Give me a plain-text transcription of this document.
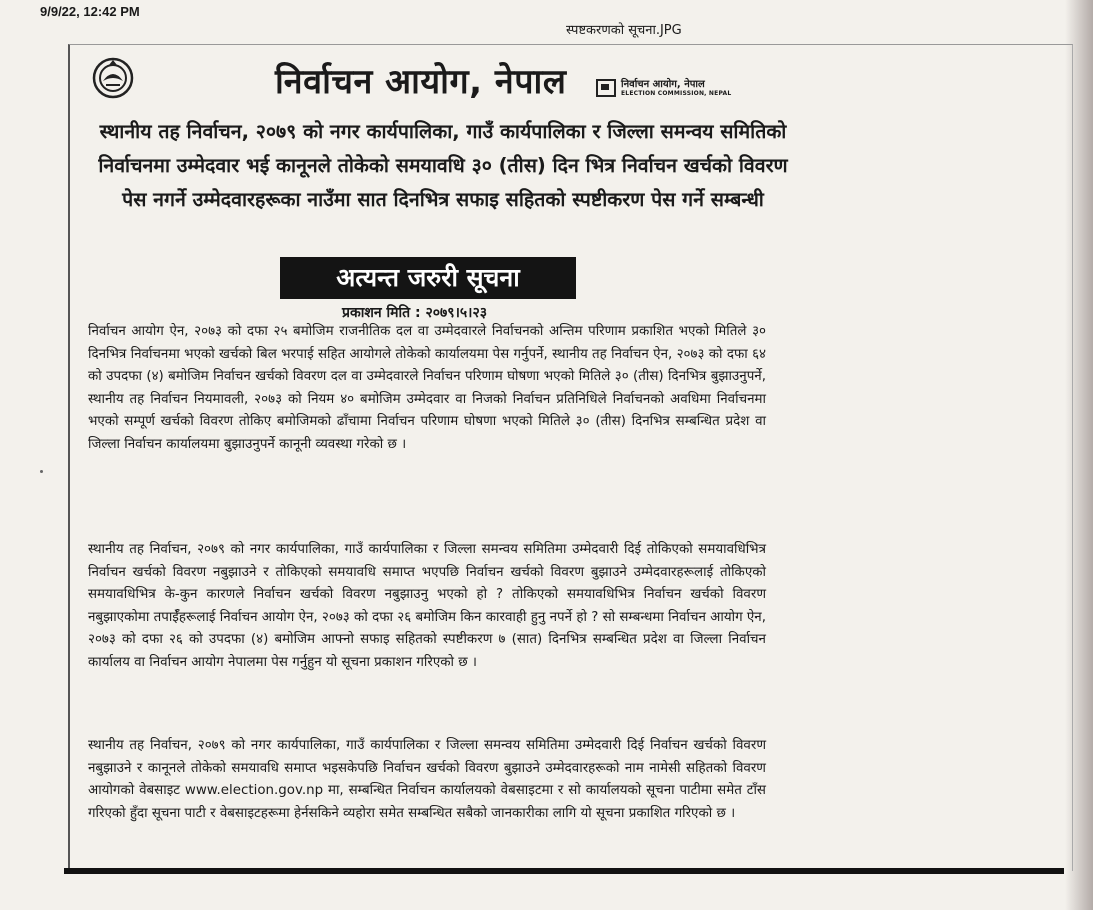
9/9/22, 12:42 PM
स्पष्टकरणको सूचना.JPG
निर्वाचन आयोग, नेपाल	निर्वाचन आयोग, नेपाल
ELECTION COMMISSION, NEPAL
स्थानीय तह निर्वाचन, २०७९ को नगर कार्यपालिका, गाउँ कार्यपालिका र जिल्ला समन्वय समितिको निर्वाचनमा उम्मेदवार भई कानूनले तोकेको समयावधि ३० (तीस) दिन भित्र निर्वाचन खर्चको विवरण पेस नगर्ने उम्मेदवारहरूका नाउँमा सात दिनभित्र सफाइ सहितको स्पष्टीकरण पेस गर्ने सम्बन्धी
अत्यन्त जरुरी सूचना
प्रकाशन मिति : २०७९।५।२३
निर्वाचन आयोग ऐन, २०७३ को दफा २५ बमोजिम राजनीतिक दल वा उम्मेदवारले निर्वाचनको अन्तिम परिणाम प्रकाशित भएको मितिले ३० दिनभित्र निर्वाचनमा भएको खर्चको बिल भरपाई सहित आयोगले तोकेको कार्यालयमा पेस गर्नुपर्ने, स्थानीय तह निर्वाचन ऐन, २०७३ को दफा ६४ को उपदफा (४) बमोजिम निर्वाचन खर्चको विवरण दल वा उम्मेदवारले निर्वाचन परिणाम घोषणा भएको मितिले ३० (तीस) दिनभित्र बुझाउनुपर्ने, स्थानीय तह निर्वाचन नियमावली, २०७३ को नियम ४० बमोजिम उम्मेदवार वा निजको निर्वाचन प्रतिनिधिले निर्वाचनको अवधिमा निर्वाचनमा भएको सम्पूर्ण खर्चको विवरण तोकिए बमोजिमको ढाँचामा निर्वाचन परिणाम घोषणा भएको मितिले ३० (तीस) दिनभित्र सम्बन्धित प्रदेश वा जिल्ला निर्वाचन कार्यालयमा बुझाउनुपर्ने कानूनी व्यवस्था गरेको छ ।
स्थानीय तह निर्वाचन, २०७९ को नगर कार्यपालिका, गाउँ कार्यपालिका र जिल्ला समन्वय समितिमा उम्मेदवारी दिई तोकिएको समयावधिभित्र निर्वाचन खर्चको विवरण नबुझाउने र तोकिएको समयावधि समाप्त भएपछि निर्वाचन खर्चको विवरण बुझाउने उम्मेदवारहरूलाई तोकिएको समयावधिभित्र के-कुन कारणले निर्वाचन खर्चको विवरण नबुझाउनु भएको हो ? तोकिएको समयावधिभित्र निर्वाचन खर्चको विवरण नबुझाएकोमा तपाईँहरूलाई निर्वाचन आयोग ऐन, २०७३ को दफा २६ बमोजिम किन कारवाही हुनु नपर्ने हो ? सो सम्बन्धमा निर्वाचन आयोग ऐन, २०७३ को दफा २६ को उपदफा (४) बमोजिम आफ्नो सफाइ सहितको स्पष्टीकरण ७ (सात) दिनभित्र सम्बन्धित प्रदेश वा जिल्ला निर्वाचन कार्यालय वा निर्वाचन आयोग नेपालमा पेस गर्नुहुन यो सूचना प्रकाशन गरिएको छ ।
स्थानीय तह निर्वाचन, २०७९ को नगर कार्यपालिका, गाउँ कार्यपालिका र जिल्ला समन्वय समितिमा उम्मेदवारी दिई निर्वाचन खर्चको विवरण नबुझाउने र कानूनले तोकेको समयावधि समाप्त भइसकेपछि निर्वाचन खर्चको विवरण बुझाउने उम्मेदवारहरूको नाम नामेसी सहितको विवरण आयोगको वेबसाइट www.election.gov.np मा, सम्बन्धित निर्वाचन कार्यालयको वेबसाइटमा र सो कार्यालयको सूचना पाटीमा समेत टाँस गरिएको हुँदा सूचना पाटी र वेबसाइटहरूमा हेर्नसकिने व्यहोरा समेत सम्बन्धित सबैको जानकारीका लागि यो सूचना प्रकाशित गरिएको छ ।
